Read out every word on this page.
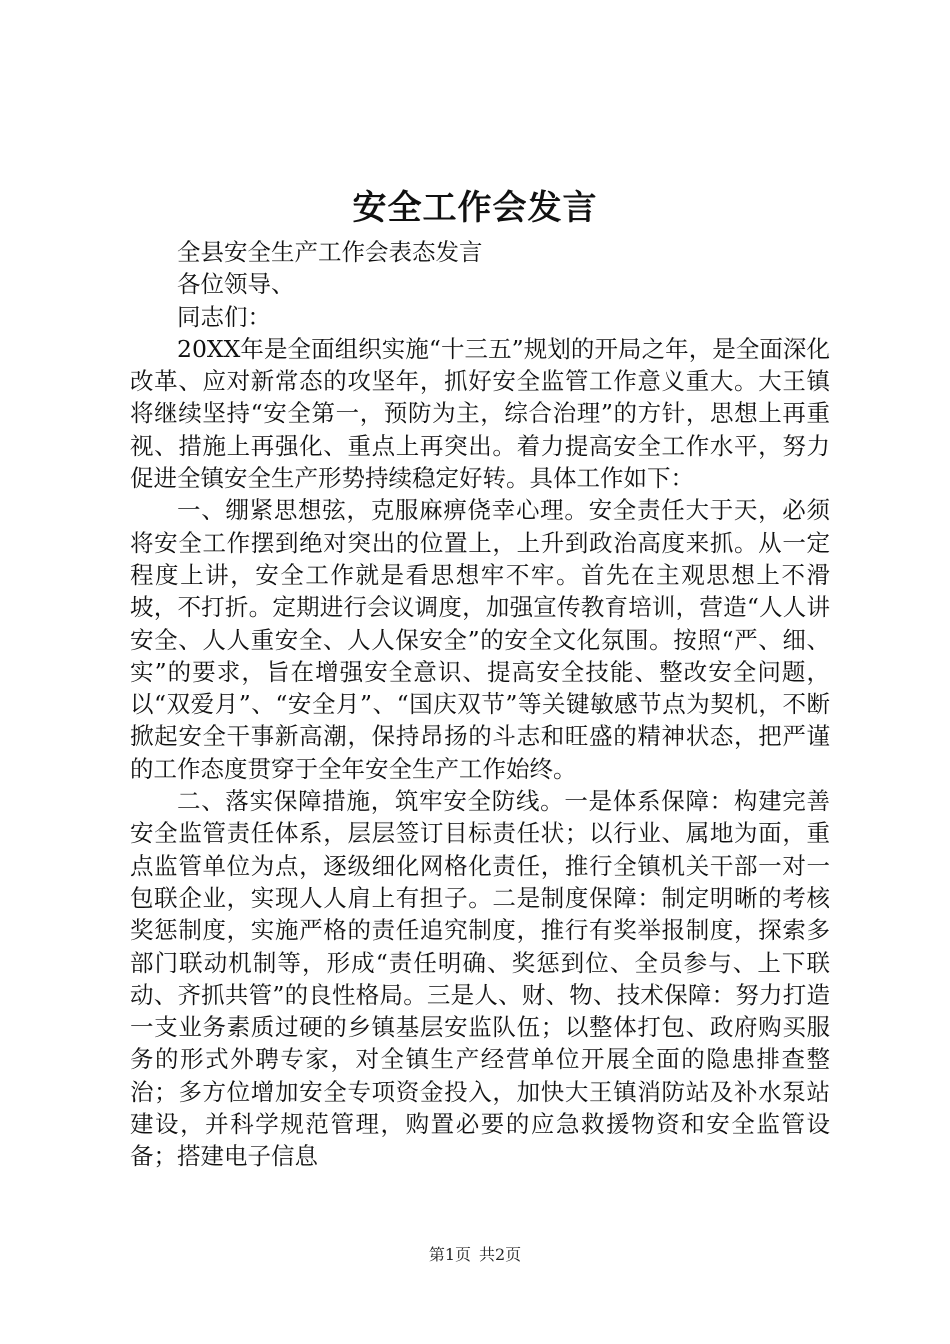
安全工作会发言

全县安全生产工作会表态发言

各位领导、

同志们：

20XX年是全面组织实施“十三五”规划的开局之年，是全面深化改革、应对新常态的攻坚年，抓好安全监管工作意义重大。大王镇将继续坚持“安全第一，预防为主，综合治理”的方针，思想上再重视、措施上再强化、重点上再突出。着力提高安全工作水平，努力促进全镇安全生产形势持续稳定好转。具体工作如下：

一、绷紧思想弦，克服麻痹侥幸心理。安全责任大于天，必须将安全工作摆到绝对突出的位置上，上升到政治高度来抓。从一定程度上讲，安全工作就是看思想牢不牢。首先在主观思想上不滑坡，不打折。定期进行会议调度，加强宣传教育培训，营造“人人讲安全、人人重安全、人人保安全”的安全文化氛围。按照“严、细、实”的要求，旨在增强安全意识、提高安全技能、整改安全问题，以“双爱月”、“安全月”、“国庆双节”等关键敏感节点为契机，不断掀起安全干事新高潮，保持昂扬的斗志和旺盛的精神状态，把严谨的工作态度贯穿于全年安全生产工作始终。

二、落实保障措施，筑牢安全防线。一是体系保障：构建完善安全监管责任体系，层层签订目标责任状；以行业、属地为面，重点监管单位为点，逐级细化网格化责任，推行全镇机关干部一对一包联企业，实现人人肩上有担子。二是制度保障：制定明晰的考核奖惩制度，实施严格的责任追究制度，推行有奖举报制度，探索多部门联动机制等，形成“责任明确、奖惩到位、全员参与、上下联动、齐抓共管”的良性格局。三是人、财、物、技术保障：努力打造一支业务素质过硬的乡镇基层安监队伍；以整体打包、政府购买服务的形式外聘专家，对全镇生产经营单位开展全面的隐患排查整治；多方位增加安全专项资金投入，加快大王镇消防站及补水泵站建设，并科学规范管理，购置必要的应急救援物资和安全监管设备；搭建电子信息

第1页 共2页
